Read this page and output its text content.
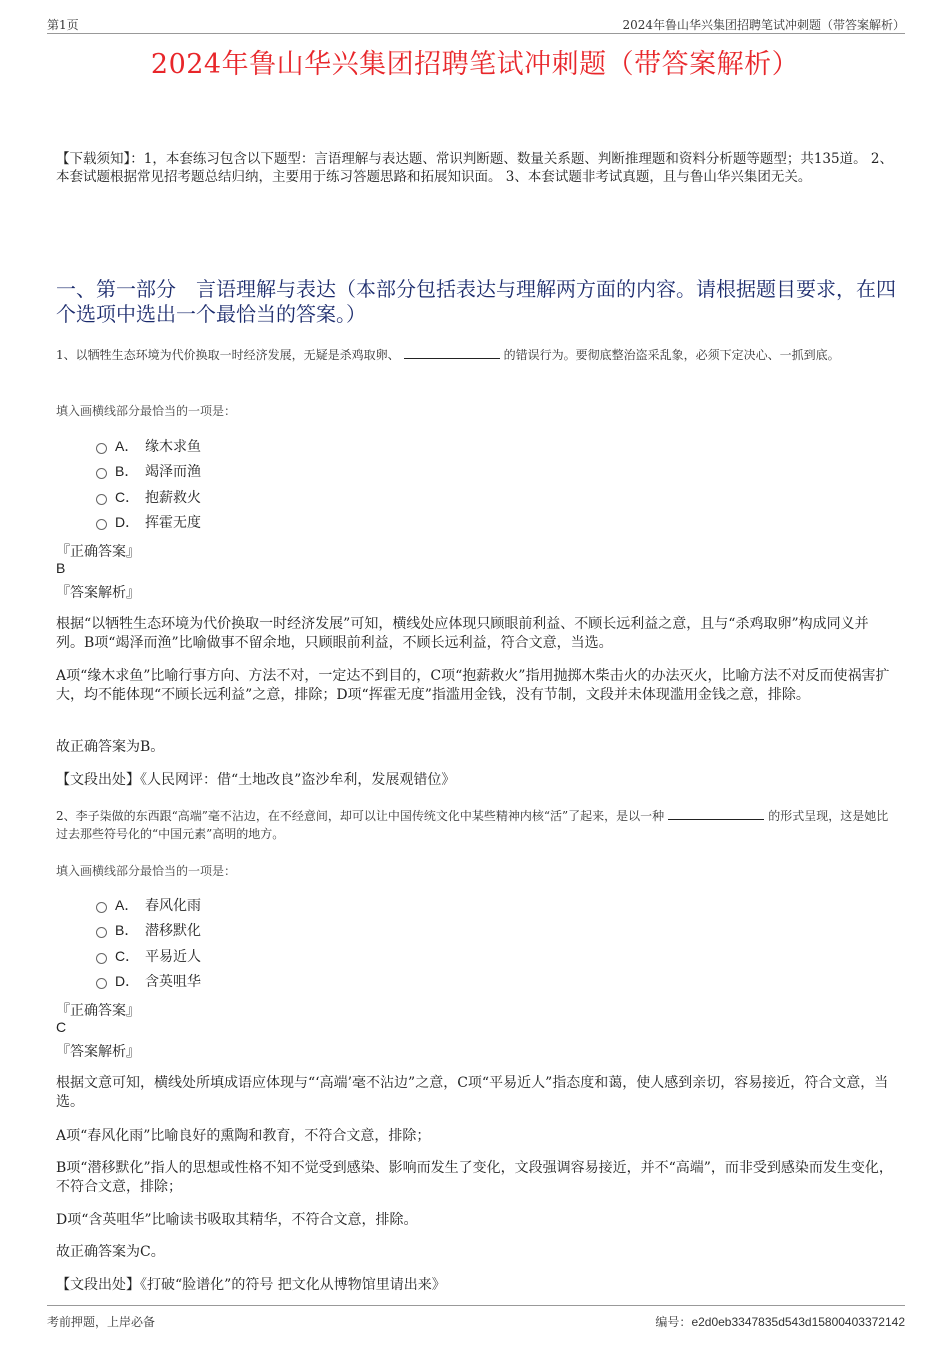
第1页	2024年鲁山华兴集团招聘笔试冲刺题（带答案解析）
2024年鲁山华兴集团招聘笔试冲刺题（带答案解析）
【下载须知】：1，本套练习包含以下题型：言语理解与表达题、常识判断题、数量关系题、判断推理题和资料分析题等题型；共135道。 2、本套试题根据常见招考题总结归纳，主要用于练习答题思路和拓展知识面。 3、本套试题非考试真题，且与鲁山华兴集团无关。
一、第一部分　言语理解与表达（本部分包括表达与理解两方面的内容。请根据题目要求，在四个选项中选出一个最恰当的答案。）
1、以牺牲生态环境为代价换取一时经济发展，无疑是杀鸡取卵、	的错误行为。要彻底整治盗采乱象，必须下定决心、一抓到底。
填入画横线部分最恰当的一项是：
A． 缘木求鱼
B． 竭泽而渔
C． 抱薪救火
D． 挥霍无度
『正确答案』
B
『答案解析』
根据“以牺牲生态环境为代价换取一时经济发展”可知，横线处应体现只顾眼前利益、不顾长远利益之意，且与“杀鸡取卵”构成同义并列。B项“竭泽而渔”比喻做事不留余地，只顾眼前利益，不顾长远利益，符合文意，当选。
A项“缘木求鱼”比喻行事方向、方法不对，一定达不到目的，C项“抱薪救火”指用抛掷木柴击火的办法灭火，比喻方法不对反而使祸害扩大，均不能体现“不顾长远利益”之意，排除；D项“挥霍无度”指滥用金钱，没有节制，文段并未体现滥用金钱之意，排除。
故正确答案为B。
【文段出处】《人民网评：借“土地改良”盗沙牟利，发展观错位》
2、李子柒做的东西跟“高端”毫不沾边，在不经意间，却可以让中国传统文化中某些精神内核“活”了起来，是以一种	的形式呈现，这是她比过去那些符号化的“中国元素”高明的地方。
填入画横线部分最恰当的一项是：
A． 春风化雨
B． 潜移默化
C． 平易近人
D． 含英咀华
『正确答案』
C
『答案解析』
根据文意可知，横线处所填成语应体现与“‘高端’毫不沾边”之意，C项“平易近人”指态度和蔼，使人感到亲切，容易接近，符合文意，当选。
A项“春风化雨”比喻良好的熏陶和教育，不符合文意，排除；
B项“潜移默化”指人的思想或性格不知不觉受到感染、影响而发生了变化，文段强调容易接近，并不“高端”，而非受到感染而发生变化，不符合文意，排除；
D项“含英咀华”比喻读书吸取其精华，不符合文意，排除。
故正确答案为C。
【文段出处】《打破“脸谱化”的符号 把文化从博物馆里请出来》
考前押题，上岸必备	编号：e2d0eb3347835d543d15800403372142
